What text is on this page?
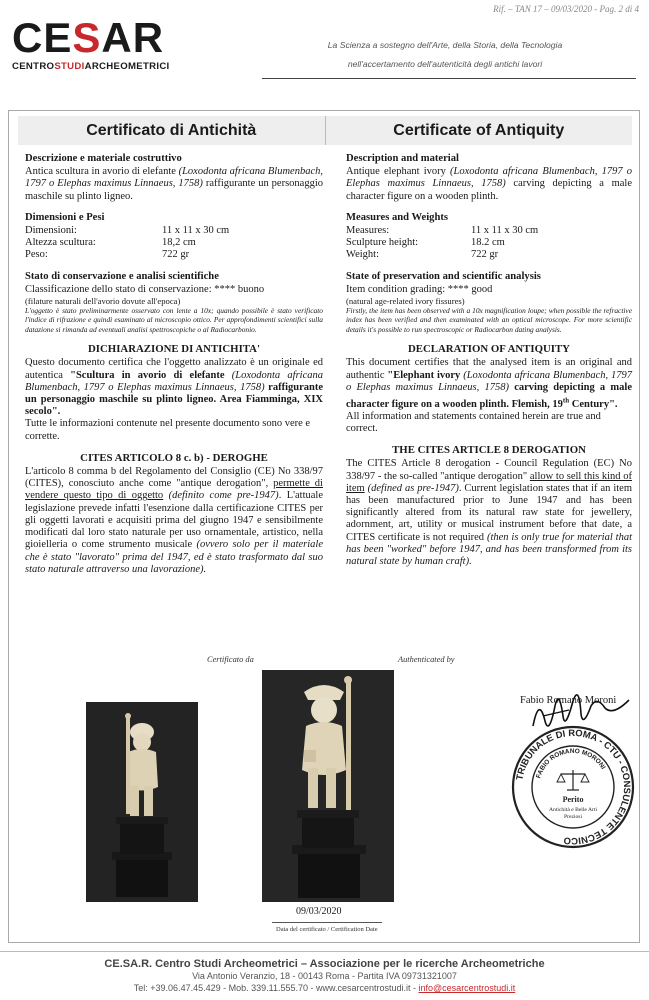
Rif. – TAN 17 – 09/03/2020 - Pag. 2 di 4
CESAR
CENTROSTUDIARCHEOMETRICI
La Scienza a sostegno dell'Arte, della Storia, della Tecnologia
nell'accertamento dell'autenticità degli antichi lavori
Certificato di Antichità	Certificate of Antiquity
Descrizione e materiale costruttivo

Antica scultura in avorio di elefante (Loxodonta africana Blumenbach, 1797 o Elephas maximus Linnaeus, 1758) raffigurante un personaggio maschile su plinto ligneo.

Dimensioni e Pesi
Dimensioni:	11 x 11 x 30 cm
Altezza scultura:	18,2 cm
Peso:	722 gr
Stato di conservazione e analisi scientifiche

Classificazione dello stato di conservazione: **** buono

(filature naturali dell'avorio dovute all'epoca)

L'oggetto è stato preliminarmente osservato con lente a 10x; quando possibile è stato verificato l'indice di rifrazione e quindi esaminato al microscopio ottico. Per approfondimenti scientifici sulla datazione si rimanda ad eventuali analisi spettroscopiche o al Radiocarbonio.

DICHIARAZIONE DI ANTICHITA'

Questo documento certifica che l'oggetto analizzato è un originale ed autentica "Scultura in avorio di elefante (Loxodonta africana Blumenbach, 1797 o Elephas maximus Linnaeus, 1758) raffigurante un personaggio maschile su plinto ligneo. Area Fiamminga, XIX secolo".

Tutte le informazioni contenute nel presente documento sono vere e corrette.

CITES ARTICOLO 8 c. b) - DEROGHE

L'articolo 8 comma b del Regolamento del Consiglio (CE) No 338/97 (CITES), conosciuto anche come "antique derogation", permette di vendere questo tipo di oggetto (definito come pre-1947). L'attuale legislazione prevede infatti l'esenzione dalla certificazione CITES per gli oggetti lavorati e acquisiti prima del giugno 1947 e sensibilmente modificati dal loro stato naturale per uso ornamentale, artistico, nella gioielleria o come strumento musicale (ovvero solo per il materiale che è stato "lavorato" prima del 1947, ed è stato trasformato dal suo stato naturale attraverso una lavorazione).

Description and material

Antique elephant ivory (Loxodonta africana Blumenbach, 1797 o Elephas maximus Linnaeus, 1758) carving depicting a male character figure on a wooden plinth.

Measures and Weights
Measures:	11 x 11 x 30 cm
Sculpture height:	18.2 cm
Weight:	722 gr
State of preservation and scientific analysis

Item condition grading: **** good

(natural age-related ivory fissures)

Firstly, the item has been observed with a 10x magnification loupe; when possible the refractive index has been verified and then examinated with an optical microscope. For more scientific details it's possible to run spectroscopic or Radiocarbon dating analysis.

DECLARATION OF ANTIQUITY

This document certifies that the analysed item is an original and authentic "Elephant ivory (Loxodonta africana Blumenbach, 1797 o Elephas maximus Linnaeus, 1758) carving depicting a male character figure on a wooden plinth. Flemish, 19th Century".

All information and statements contained herein are true and correct.

THE CITES ARTICLE 8 DEROGATION

The CITES Article 8 derogation - Council Regulation (EC) No 338/97 - the so-called "antique derogation" allow to sell this kind of item (defined as pre-1947). Current legislation states that if an item has been manufactured prior to June 1947 and has been significantly altered from its natural raw state for jewellery, adornment, art, utility or musical instrument before that date, a CITES certificate is not required (then is only true for material that has been "worked" before 1947, and has been transformed from its natural state by human craft).

Certificato da	Authenticated by
09/03/2020
Data del certificato / Certification Date
Fabio Romano Moroni
TRIBUNALE DI ROMA - CTU - CONSULENTE TECNICO
FABIO ROMANO MORONI
Perito
Antichità e Belle Arti
Preziosi
CE.SA.R. Centro Studi Archeometrici – Associazione per le ricerche Archeometriche
Via Antonio Veranzio, 18 - 00143 Roma - Partita IVA 09731321007
Tel: +39.06.47.45.429 - Mob. 339.11.555.70 - www.cesarcentrostudi.it - info@cesarcentrostudi.it
